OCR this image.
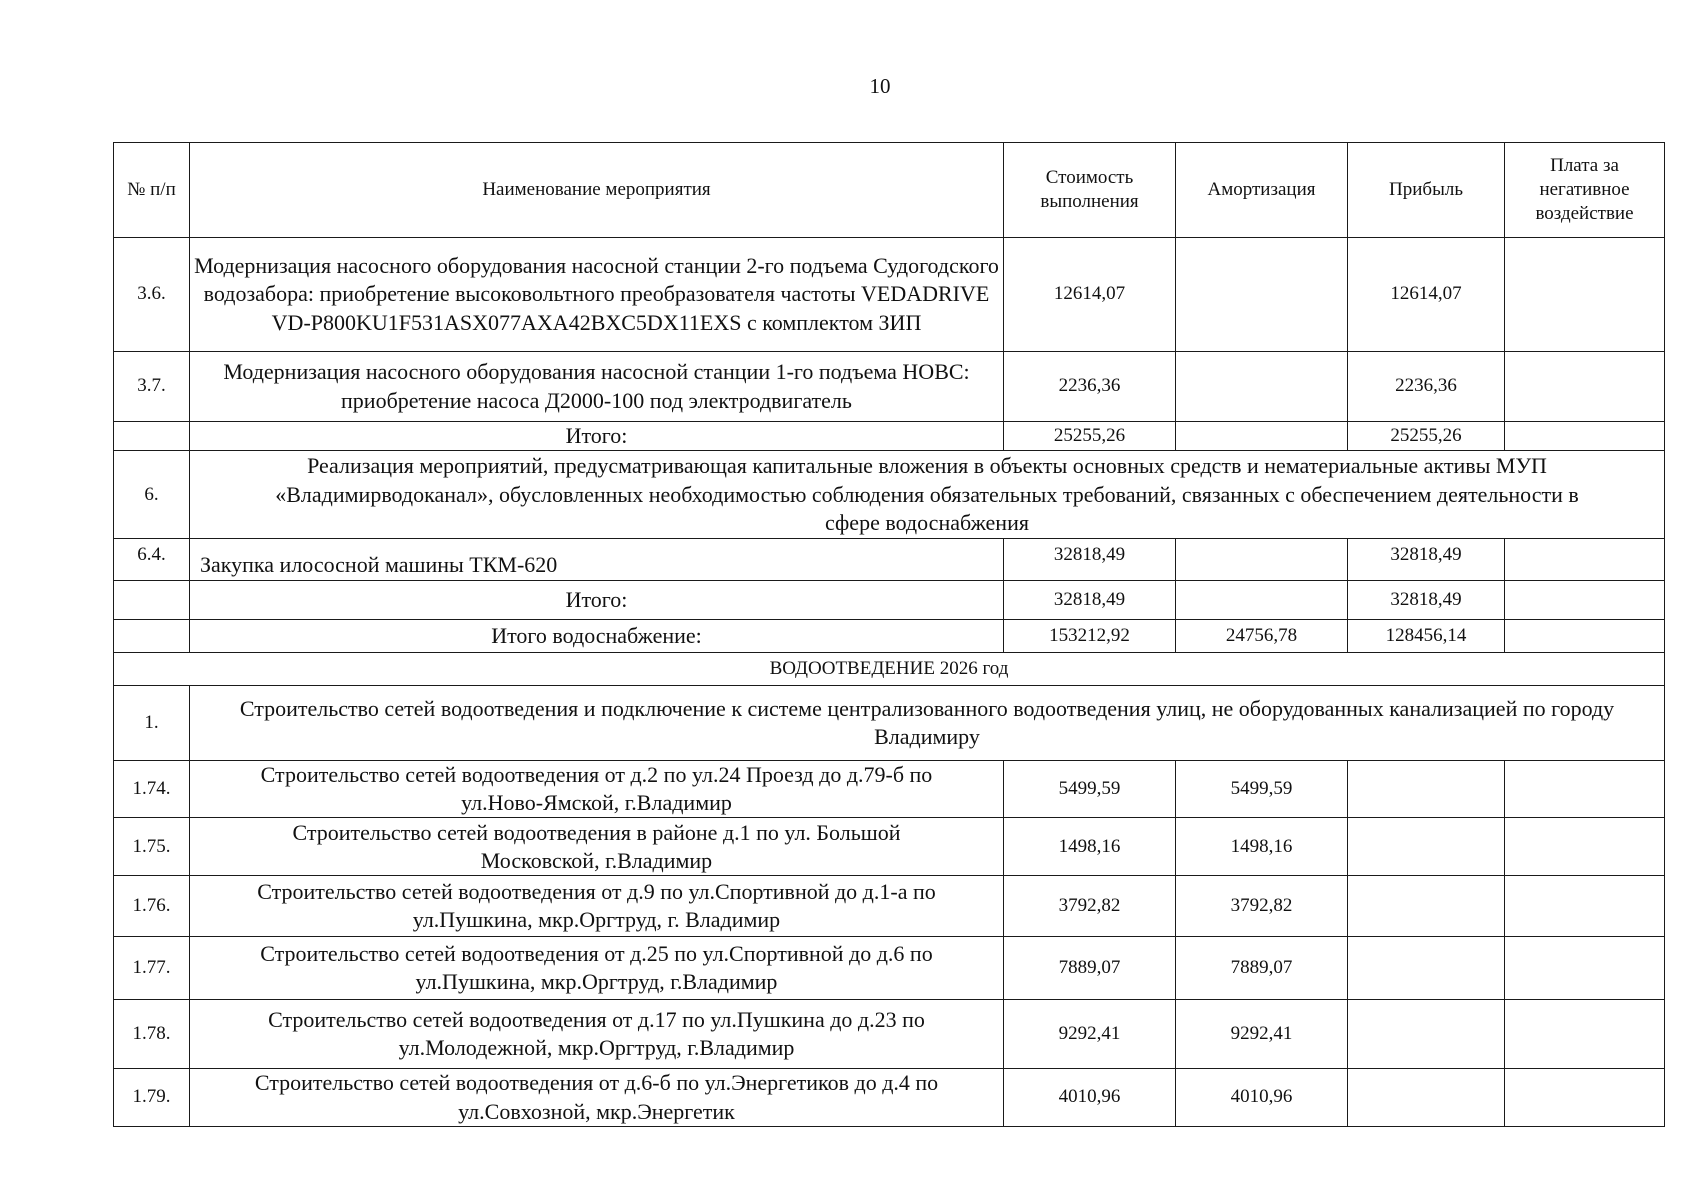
10
№ п/п	Наименование мероприятия	Стоимость выполнения	Амортизация	Прибыль	Плата за негативное воздействие
3.6.	Модернизация насосного оборудования насосной станции 2-го подъема Судогодского водозабора: приобретение высоковольтного преобразователя частоты VEDADRIVE VD-P800KU1F531ASX077AXA42BXC5DX11EXS с комплектом ЗИП	12614,07		12614,07	
3.7.	Модернизация насосного оборудования насосной станции 1-го подъема НОВС: приобретение насоса Д2000-100 под электродвигатель	2236,36		2236,36	
	Итого:	25255,26		25255,26	
6.	Реализация мероприятий, предусматривающая капитальные вложения в объекты основных средств и нематериальные активы МУП «Владимирводоканал», обусловленных необходимостью соблюдения обязательных требований, связанных с обеспечением деятельности в сфере водоснабжения				
6.4.	Закупка илососной машины ТКМ-620	32818,49		32818,49	
	Итого:	32818,49		32818,49	
	Итого водоснабжение:	153212,92	24756,78	128456,14	
ВОДООТВЕДЕНИЕ 2026 год					
1.	Строительство сетей водоотведения и подключение к системе централизованного водоотведения улиц, не оборудованных канализацией по городу Владимиру				
1.74.	Строительство сетей водоотведения от д.2 по ул.24 Проезд до д.79-б по ул.Ново-Ямской, г.Владимир	5499,59	5499,59		
1.75.	Строительство сетей водоотведения в районе д.1 по ул. Большой Московской, г.Владимир	1498,16	1498,16		
1.76.	Строительство сетей водоотведения от д.9 по ул.Спортивной до д.1-а по ул.Пушкина, мкр.Оргтруд, г. Владимир	3792,82	3792,82		
1.77.	Строительство сетей водоотведения от д.25 по ул.Спортивной до д.6 по ул.Пушкина, мкр.Оргтруд, г.Владимир	7889,07	7889,07		
1.78.	Строительство сетей водоотведения от д.17 по ул.Пушкина до д.23 по ул.Молодежной, мкр.Оргтруд, г.Владимир	9292,41	9292,41		
1.79.	Строительство сетей водоотведения от д.6-б по ул.Энергетиков до д.4 по ул.Совхозной, мкр.Энергетик	4010,96	4010,96		
